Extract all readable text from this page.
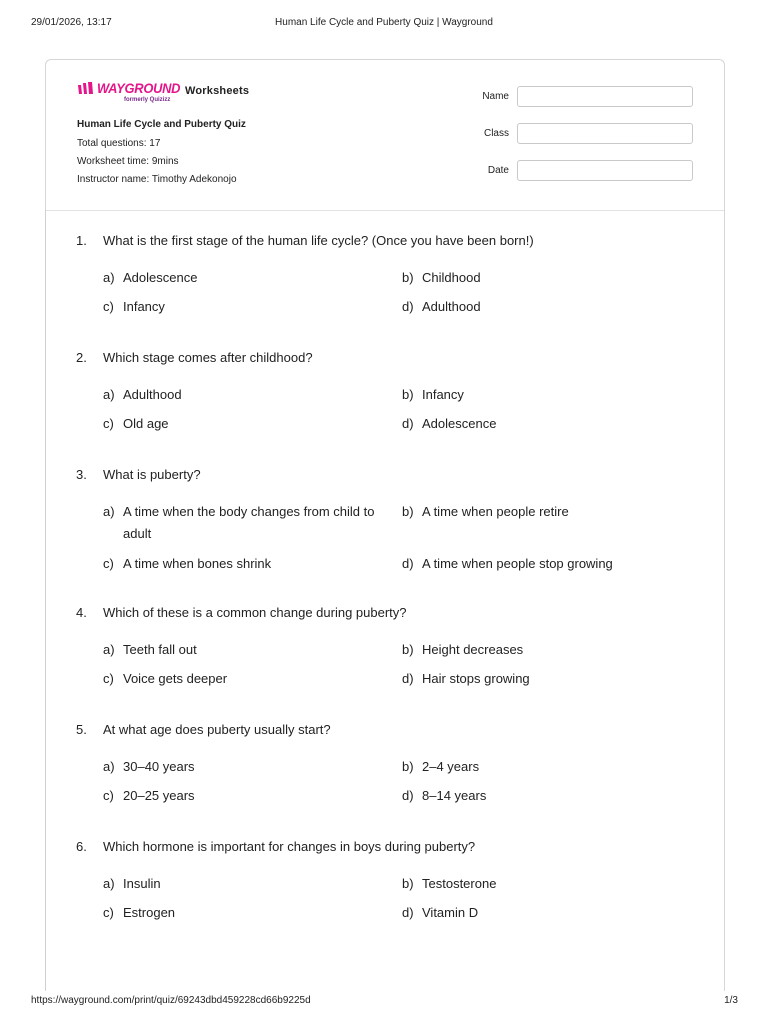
29/01/2026, 13:17	Human Life Cycle and Puberty Quiz | Wayground
WAYGROUND
formerly Quizizz
Worksheets
Human Life Cycle and Puberty Quiz
Total questions: 17
Worksheet time: 9mins
Instructor name: Timothy Adekonojo
Name
Class
Date
1. What is the first stage of the human life cycle? (Once you have been born!)
a) Adolescence	b) Childhood
c) Infancy	d) Adulthood
2. Which stage comes after childhood?
a) Adulthood	b) Infancy
c) Old age	d) Adolescence
3. What is puberty?
a) A time when the body changes from child to adult
b) A time when people retire
c) A time when bones shrink	d) A time when people stop growing
4. Which of these is a common change during puberty?
a) Teeth fall out	b) Height decreases
c) Voice gets deeper	d) Hair stops growing
5. At what age does puberty usually start?
a) 30–40 years	b) 2–4 years
c) 20–25 years	d) 8–14 years
6. Which hormone is important for changes in boys during puberty?
a) Insulin	b) Testosterone
c) Estrogen	d) Vitamin D
https://wayground.com/print/quiz/69243dbd459228cd66b9225d	1/3
